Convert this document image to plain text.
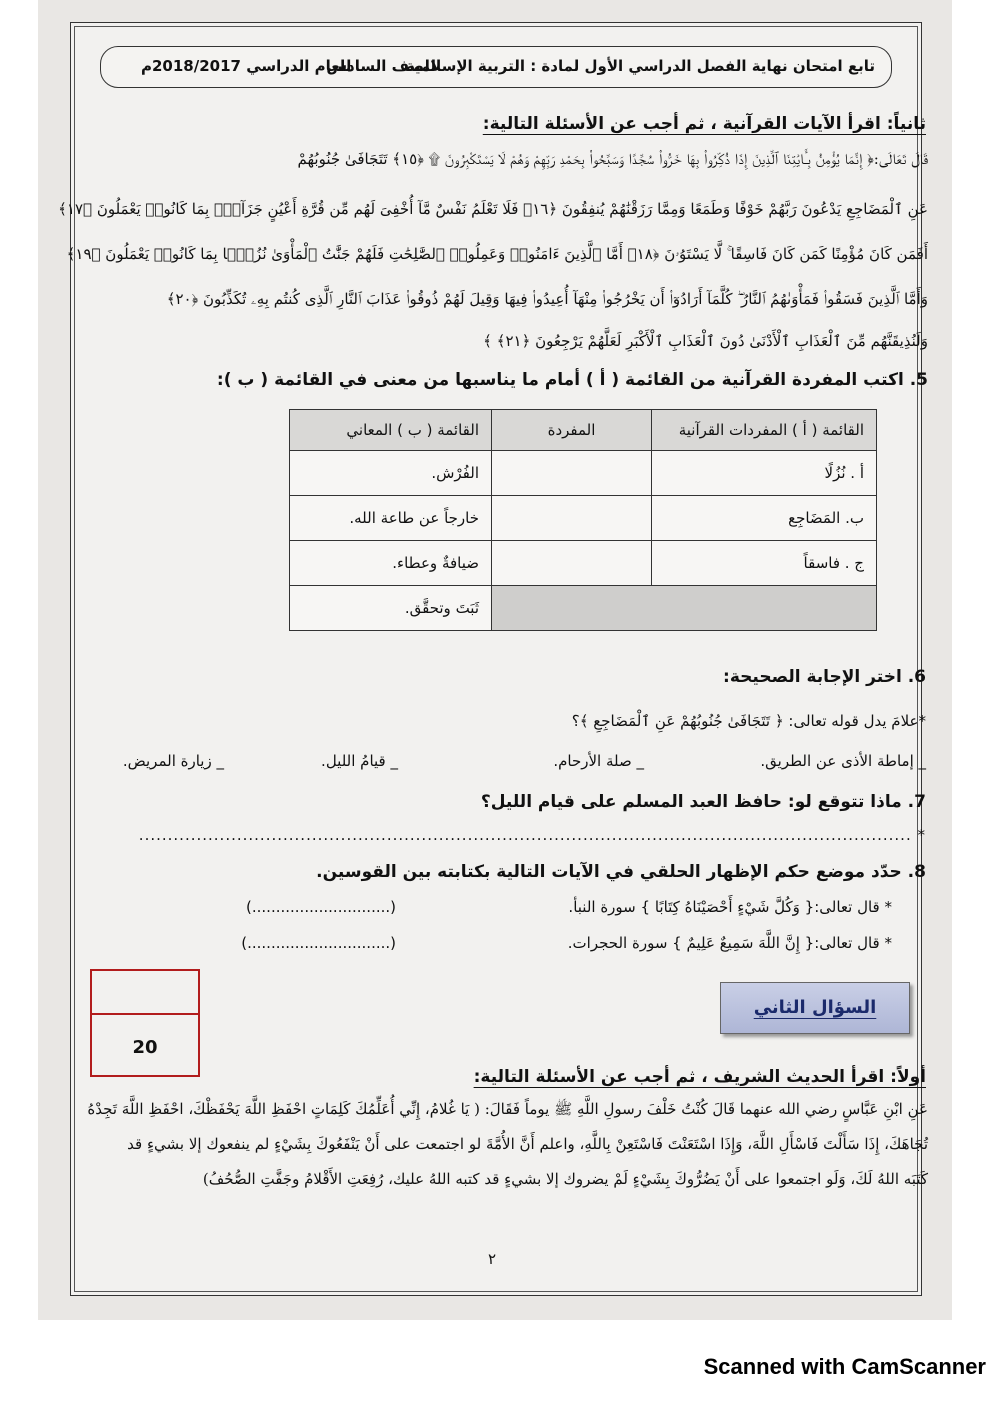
تابع امتحان نهاية الفصل الدراسي الأول لمادة : التربية الإسلامية
للصف السادس
للعام الدراسي 2018/2017م
ثانياً: اقرأ الآيات القرآنية ، ثم أجب عن الأسئلة التالية:
قَالَ تَعَالَى:﴿ إِنَّمَا يُؤْمِنُ بِـَٔايَٰتِنَا ٱلَّذِينَ إِذَا ذُكِّرُوا۟ بِهَا خَرُّوا۟ سُجَّدًا وَسَبَّحُوا۟ بِحَمْدِ رَبِّهِمْ وَهُمْ لَا يَسْتَكْبِرُونَ ۩ ﴿١٥﴾ تَتَجَافَىٰ جُنُوبُهُمْ
عَنِ ٱلْمَضَاجِعِ يَدْعُونَ رَبَّهُمْ خَوْفًا وَطَمَعًا وَمِمَّا رَزَقْنَٰهُمْ يُنفِقُونَ ﴿١٦﴾ فَلَا تَعْلَمُ نَفْسٌ مَّآ أُخْفِىَ لَهُم مِّن قُرَّةِ أَعْيُنٍ جَزَآءًۢ بِمَا كَانُوا۟ يَعْمَلُونَ ﴿١٧﴾
أَفَمَن كَانَ مُؤْمِنًا كَمَن كَانَ فَاسِقًا ۚ لَّا يَسْتَوُۥنَ ﴿١٨﴾ أَمَّا ٱلَّذِينَ ءَامَنُوا۟ وَعَمِلُوا۟ ٱلصَّٰلِحَٰتِ فَلَهُمْ جَنَّٰتُ ٱلْمَأْوَىٰ نُزُلًۢا بِمَا كَانُوا۟ يَعْمَلُونَ ﴿١٩﴾
وَأَمَّا ٱلَّذِينَ فَسَقُوا۟ فَمَأْوَىٰهُمُ ٱلنَّارُ ۖ كُلَّمَآ أَرَادُوٓا۟ أَن يَخْرُجُوا۟ مِنْهَآ أُعِيدُوا۟ فِيهَا وَقِيلَ لَهُمْ ذُوقُوا۟ عَذَابَ ٱلنَّارِ ٱلَّذِى كُنتُم بِهِۦ تُكَذِّبُونَ ﴿٢٠﴾
وَلَنُذِيقَنَّهُم مِّنَ ٱلْعَذَابِ ٱلْأَدْنَىٰ دُونَ ٱلْعَذَابِ ٱلْأَكْبَرِ لَعَلَّهُمْ يَرْجِعُونَ ﴿٢١﴾ ﴾
5. اكتب المفردة القرآنية من القائمة ( أ ) أمام ما يناسبها من معنى في القائمة ( ب ):
القائمة ( أ ) المفردات القرآنية	المفردة	القائمة ( ب ) المعاني
أ . نُزُلًا		الفُرْش.
ب. المَضَاجِع		خارجاً عن طاعة الله.
ج . فاسقاً		ضيافةٌ وعطاء.
		ثَبَتَ وتحقَّق.
6. اختر الإجابة الصحيحة:
*علامَ يدل قوله تعالى: ﴿ تَتَجَافَىٰ جُنُوبُهُمْ عَنِ ٱلْمَضَاجِعِ ﴾؟
_ إماطة الأذى عن الطريق.
_ صلة الأرحام.
_ قيامُ الليل.
_ زيارة المريض.
7. ماذا تتوقع لو: حافظ العبد المسلم على قيام الليل؟
* ......................................................................................................................................
8. حدّد موضع حكم الإظهار الحلقي في الآيات التالية بكتابته بين القوسين.
* قال تعالى:{ وَكُلَّ شَيْءٍ أَحْصَيْنَاهُ كِتَابًا } سورة النبأ.
(.............................)
* قال تعالى:{ إِنَّ اللَّهَ سَمِيعٌ عَلِيمٌ } سورة الحجرات.
(..............................)
20
السؤال الثاني
أولاً: اقرأ الحديث الشريف ، ثم أجب عن الأسئلة التالية:
عَنِ ابْنِ عَبَّاسٍ رضي الله عنهما قَالَ كُنْتُ خَلْفَ رسولِ اللَّهِ ﷺ يوماً فَقَالَ: ( يَا غُلامُ، إِنِّي أُعَلِّمُكَ كَلِمَاتٍ احْفَظِ اللَّهَ يَحْفَظْكَ، احْفَظِ اللَّهَ تَجِدْهُ
تُجَاهَكَ، إِذَا سَأَلْتَ فَاسْأَلِ اللَّهَ، وَإِذَا اسْتَعَنْتَ فَاسْتَعِنْ بِاللَّهِ، واعلم أَنَّ الأُمَّةَ لو اجتمعت على أَنْ يَنْفَعُوكَ بِشَيْءٍ لم ينفعوك إلا بشيءٍ قد
كَتَبَه اللهُ لَكَ، وَلَو اجتمعوا على أَنْ يَضُرُّوكَ بِشَيْءٍ لَمْ يضروك إلا بشيءٍ قد كتبه اللهُ عليك، رُفِعَتِ الأَقْلامُ وجَفَّتِ الصُّحُفُ)
٢
Scanned with CamScanner
